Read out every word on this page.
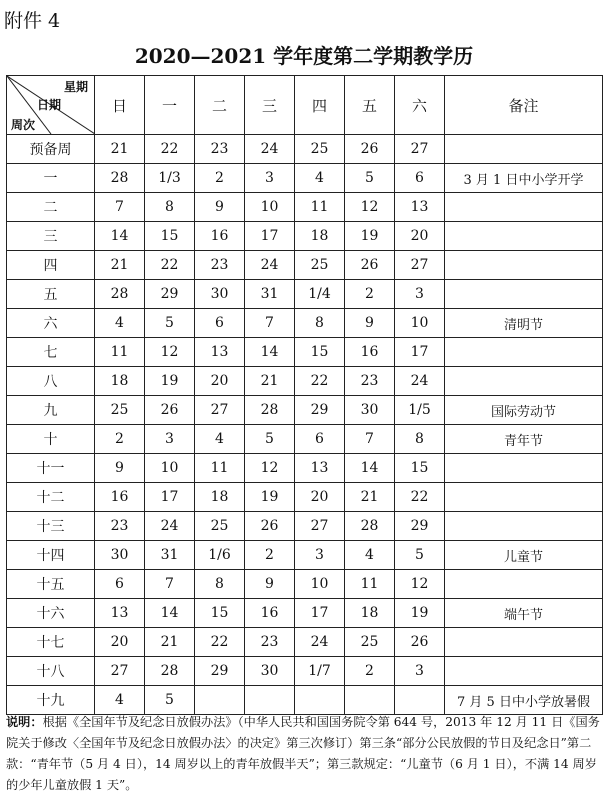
附件 4
2020—2021 学年度第二学期教学历
星期
日期
周次	日	一	二	三	四	五	六	备注
预备周	21	22	23	24	25	26	27	
一	28	1/3	2	3	4	5	6	3 月 1 日中小学开学
二	7	8	9	10	11	12	13	
三	14	15	16	17	18	19	20	
四	21	22	23	24	25	26	27	
五	28	29	30	31	1/4	2	3	
六	4	5	6	7	8	9	10	清明节
七	11	12	13	14	15	16	17	
八	18	19	20	21	22	23	24	
九	25	26	27	28	29	30	1/5	国际劳动节
十	2	3	4	5	6	7	8	青年节
十一	9	10	11	12	13	14	15	
十二	16	17	18	19	20	21	22	
十三	23	24	25	26	27	28	29	
十四	30	31	1/6	2	3	4	5	儿童节
十五	6	7	8	9	10	11	12	
十六	13	14	15	16	17	18	19	端午节
十七	20	21	22	23	24	25	26	
十八	27	28	29	30	1/7	2	3	
十九	4	5						7 月 5 日中小学放暑假
说明：根据《全国年节及纪念日放假办法》（中华人民共和国国务院令第 644 号，2013 年 12 月 11 日《国务院关于修改〈全国年节及纪念日放假办法〉的决定》第三次修订）第三条“部分公民放假的节日及纪念日”第二款：“青年节（5 月 4 日），14 周岁以上的青年放假半天”；第三款规定：“儿童节（6 月 1 日），不满 14 周岁的少年儿童放假 1 天”。
